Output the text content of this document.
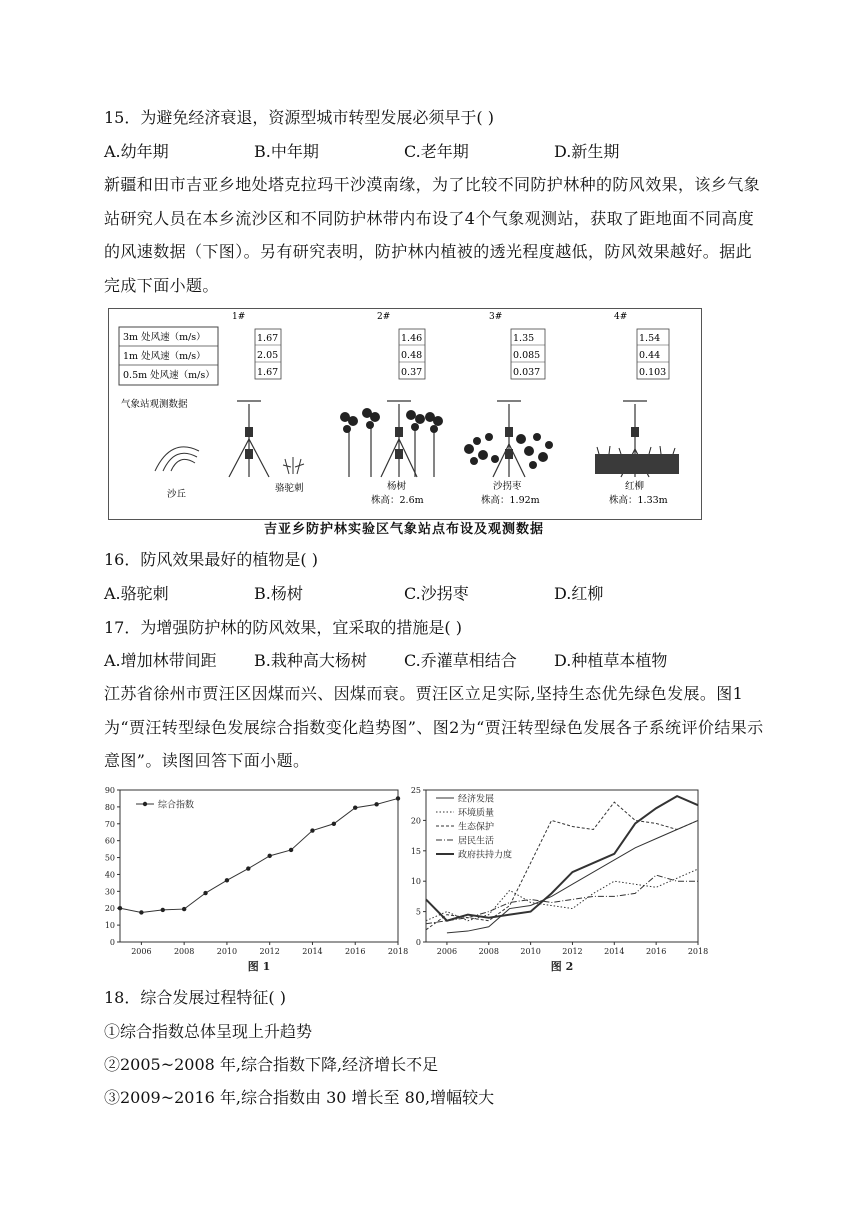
15．为避免经济衰退，资源型城市转型发展必须早于( )
A.幼年期	B.中年期	C.老年期	D.新生期
新疆和田市吉亚乡地处塔克拉玛干沙漠南缘，为了比较不同防护林种的防风效果，该乡气象站研究人员在本乡流沙区和不同防护林带内布设了4个气象观测站，获取了距地面不同高度的风速数据（下图）。另有研究表明，防护林内植被的透光程度越低，防风效果越好。据此完成下面小题。
3m 处风速（m/s）
1m 处风速（m/s）
0.5m 处风速（m/s）
气象站观测数据
1#
1.67
2.05
1.67
沙丘
骆驼刺
2#
1.46
0.48
0.37
杨树
株高：2.6m
3#
1.35
0.085
0.037
沙拐枣
株高：1.92m
4#
1.54
0.44
0.103
红柳
株高：1.33m
吉亚乡防护林实验区气象站点布设及观测数据
16．防风效果最好的植物是( )
A.骆驼刺	B.杨树	C.沙拐枣	D.红柳
17．为增强防护林的防风效果，宜采取的措施是( )
A.增加林带间距 B.栽种高大杨树 C.乔灌草相结合 D.种植草本植物
江苏省徐州市贾汪区因煤而兴、因煤而衰。贾汪区立足实际,坚持生态优先绿色发展。图1为“贾汪转型绿色发展综合指数变化趋势图”、图2为“贾汪转型绿色发展各子系统评价结果示意图”。读图回答下面小题。
0
10
20
30
40
50
60
70
80
90
2006	2008	2010	2012	2014	2016	2018
综合指数
图 1
0
5
10
15
20
25
2006	2008	2010	2012	2014	2016	2018
经济发展
环境质量
生态保护
居民生活
政府扶持力度
图 2
18．综合发展过程特征( )
①综合指数总体呈现上升趋势
②2005~2008 年,综合指数下降,经济增长不足
③2009~2016 年,综合指数由 30 增长至 80,增幅较大
